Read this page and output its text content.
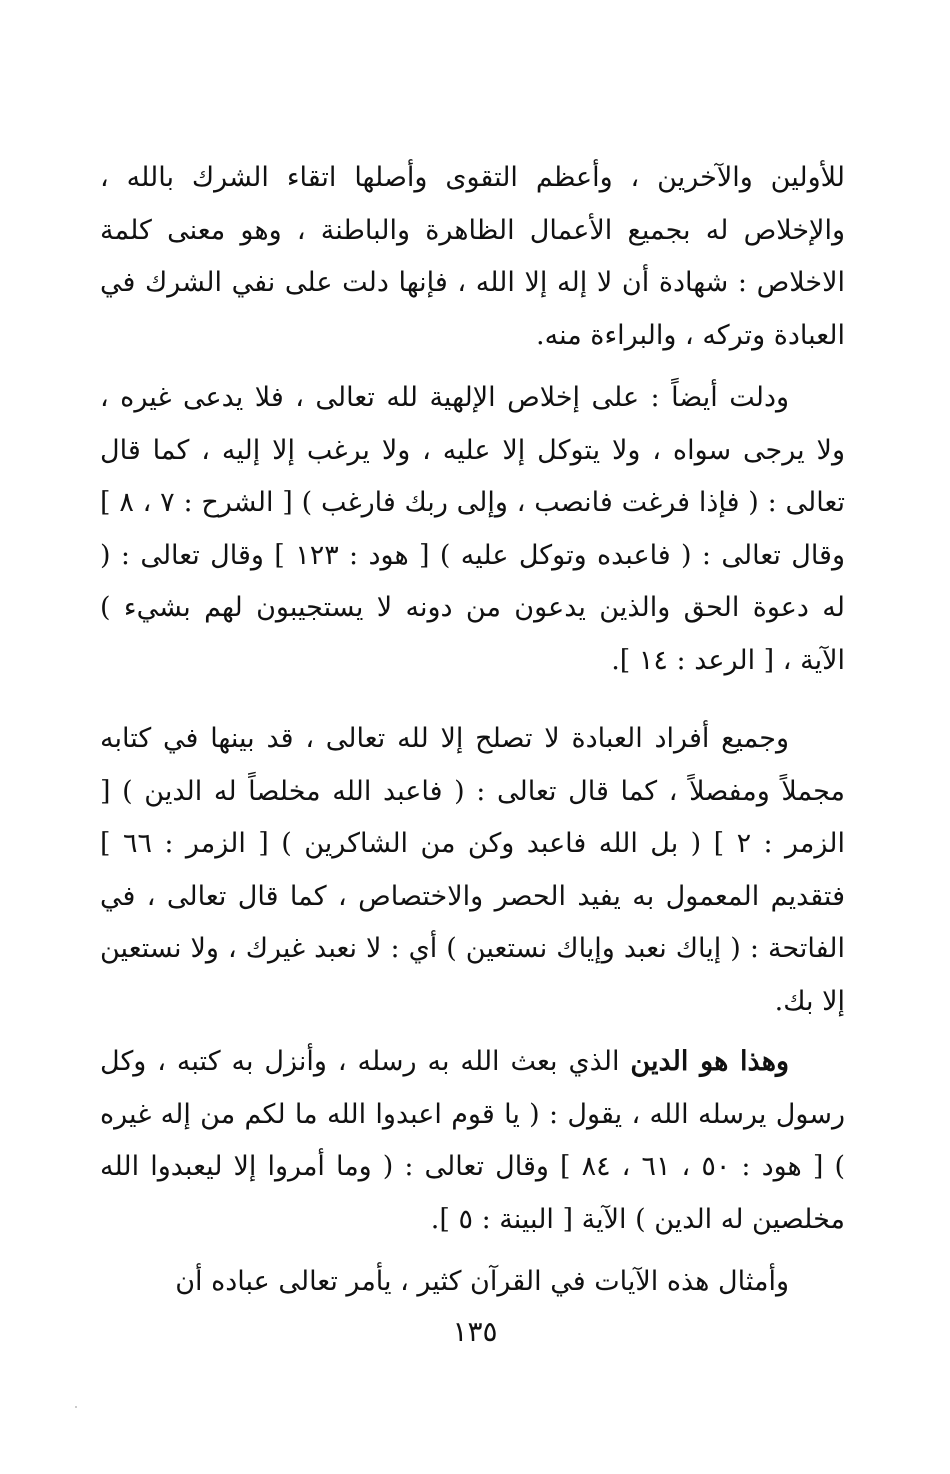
للأولين والآخرين ، وأعظم التقوى وأصلها اتقاء الشرك بالله ، والإخلاص له بجميع الأعمال الظاهرة والباطنة ، وهو معنى كلمة الاخلاص : شهادة أن لا إله إلا الله ، فإنها دلت على نفي الشرك في العبادة وتركه ، والبراءة منه.

ودلت أيضاً : على إخلاص الإلهية لله تعالى ، فلا يدعى غيره ، ولا يرجى سواه ، ولا يتوكل إلا عليه ، ولا يرغب إلا إليه ، كما قال تعالى : ( فإذا فرغت فانصب ، وإلى ربك فارغب ) [ الشرح : ٧ ، ٨ ] وقال تعالى : ( فاعبده وتوكل عليه ) [ هود : ١٢٣ ] وقال تعالى : ( له دعوة الحق والذين يدعون من دونه لا يستجيبون لهم بشيء ) الآية ، [ الرعد : ١٤ ].

وجميع أفراد العبادة لا تصلح إلا لله تعالى ، قد بينها في كتابه مجملاً ومفصلاً ، كما قال تعالى : ( فاعبد الله مخلصاً له الدين ) [ الزمر : ٢ ] ( بل الله فاعبد وكن من الشاكرين ) [ الزمر : ٦٦ ] فتقديم المعمول به يفيد الحصر والاختصاص ، كما قال تعالى ، في الفاتحة : ( إياك نعبد وإياك نستعين ) أي : لا نعبد غيرك ، ولا نستعين إلا بك.

وهذا هو الدين الذي بعث الله به رسله ، وأنزل به كتبه ، وكل رسول يرسله الله ، يقول : ( يا قوم اعبدوا الله ما لكم من إله غيره ) [ هود : ٥٠ ، ٦١ ، ٨٤ ] وقال تعالى : ( وما أمروا إلا ليعبدوا الله مخلصين له الدين ) الآية [ البينة : ٥ ].

وأمثال هذه الآيات في القرآن كثير ، يأمر تعالى عباده أن

١٣٥
